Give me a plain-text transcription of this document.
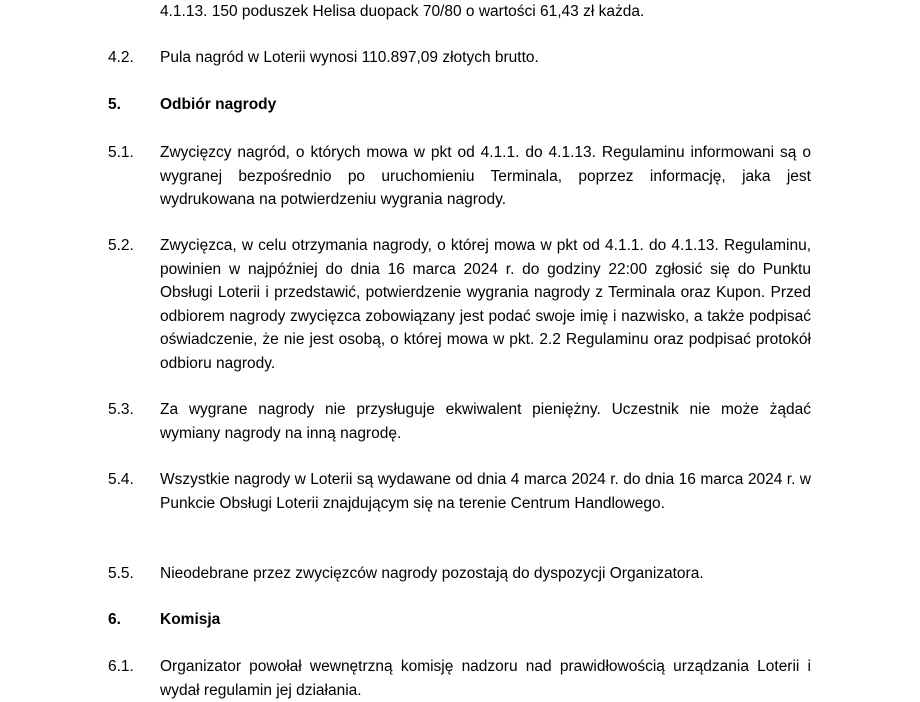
4.1.13. 150 poduszek Helisa duopack 70/80 o wartości 61,43 zł każda.
4.2. Pula nagród w Loterii wynosi 110.897,09 złotych brutto.
5.	Odbiór nagrody
5.1. Zwycięzcy nagród, o których mowa w pkt od 4.1.1. do 4.1.13. Regulaminu informowani są o wygranej bezpośrednio po uruchomieniu Terminala, poprzez informację, jaka jest wydrukowana na potwierdzeniu wygrania nagrody.
5.2. Zwycięzca, w celu otrzymania nagrody, o której mowa w pkt od 4.1.1. do 4.1.13. Regulaminu, powinien w najpóźniej do dnia 16 marca 2024 r. do godziny 22:00 zgłosić się do Punktu Obsługi Loterii i przedstawić, potwierdzenie wygrania nagrody z Terminala oraz Kupon. Przed odbiorem nagrody zwycięzca zobowiązany jest podać swoje imię i nazwisko, a także podpisać oświadczenie, że nie jest osobą, o której mowa w pkt. 2.2 Regulaminu oraz podpisać protokół odbioru nagrody.
5.3. Za wygrane nagrody nie przysługuje ekwiwalent pieniężny. Uczestnik nie może żądać wymiany nagrody na inną nagrodę.
5.4. Wszystkie nagrody w Loterii są wydawane od dnia 4 marca 2024 r. do dnia 16 marca 2024 r. w Punkcie Obsługi Loterii znajdującym się na terenie Centrum Handlowego.
5.5. Nieodebrane przez zwycięzców nagrody pozostają do dyspozycji Organizatora.
6.	Komisja
6.1. Organizator powołał wewnętrzną komisję nadzoru nad prawidłowością urządzania Loterii i wydał regulamin jej działania.
